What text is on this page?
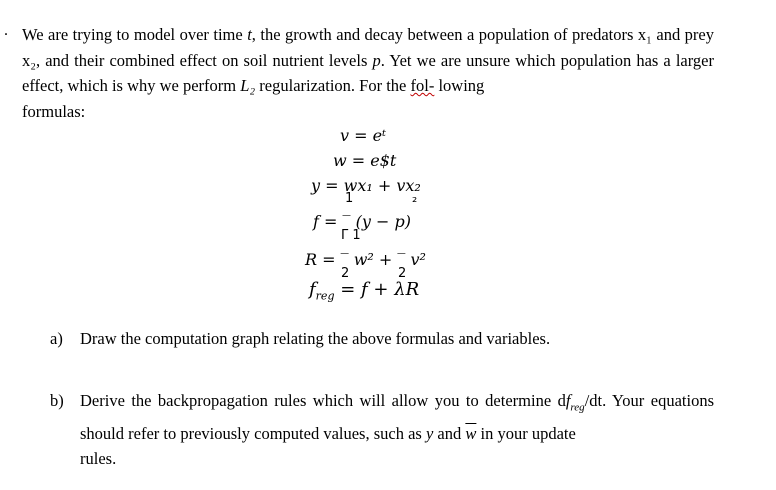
. We are trying to model over time t, the growth and decay between a population of predators x₁ and prey x₂, and their combined effect on soil nutrient levels p. Yet we are unsure which population has a larger effect, which is why we perform L₂ regularization. For the fol- lowing
formulas:
v = eᵗ
w = e$t
y = wx₁ + vx₂
1	₂
f = ‾ (y − p)
Γ 1
R = ‾ w² + ‾ v²
2	2
$f_{reg} = f + \lambda R$
a) Draw the computation graph relating the above formulas and variables.
b) Derive the backpropagation rules which will allow you to determine $df_{reg}/dt$. Your equations should refer to previously computed values, such as y and $\overline{w}$ in your update
rules.
